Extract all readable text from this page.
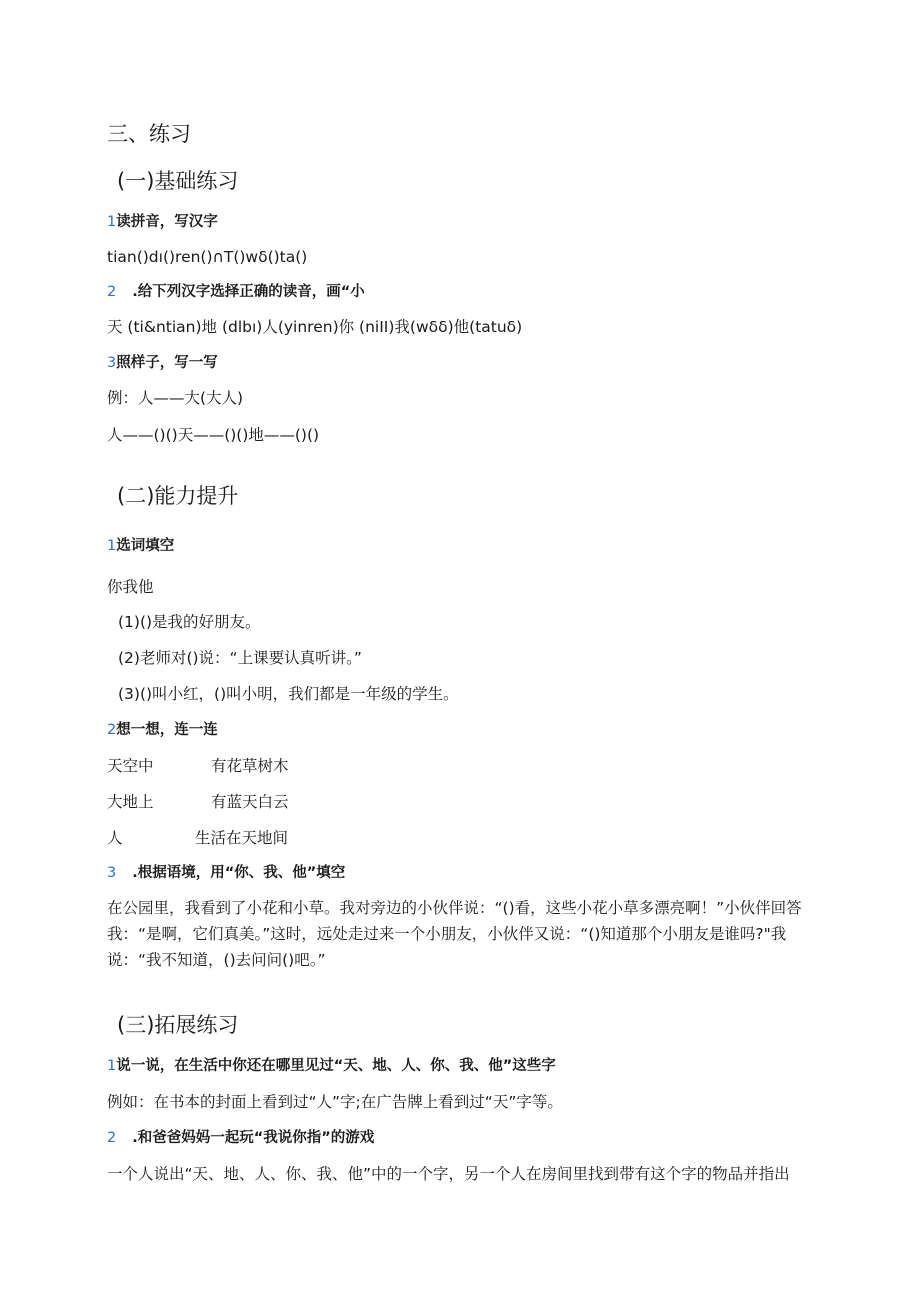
三、练习
(一)基础练习
1读拼音，写汉字
tian()dı()ren()∩T()wδ()ta()
2 .给下列汉字选择正确的读音，画“小
天 (ti&ntian)地 (dlbı)人(yinren)你 (niII)我(wδδ)他(tatuδ)
3照样子，写一写
例：人——大(大人)
人——()()天——()()地——()()
(二)能力提升
1选词填空
你我他
(1)()是我的好朋友。
(2)老师对()说：“上课要认真听讲。”
(3)()叫小红，()叫小明，我们都是一年级的学生。
2想一想，连一连
天空中	有花草树木
大地上	有蓝天白云
人	生活在天地间
3 .根据语境，用“你、我、他”填空
在公园里，我看到了小花和小草。我对旁边的小伙伴说：“()看，这些小花小草多漂亮啊！”小伙伴回答我：“是啊，它们真美。”这时，远处走过来一个小朋友，小伙伴又说：“()知道那个小朋友是谁吗?"我说：“我不知道，()去问问()吧。”
(三)拓展练习
1说一说，在生活中你还在哪里见过“天、地、人、你、我、他”这些字
例如：在书本的封面上看到过“人”字;在广告牌上看到过“天”字等。
2 .和爸爸妈妈一起玩“我说你指”的游戏
一个人说出“天、地、人、你、我、他”中的一个字，另一个人在房间里找到带有这个字的物品并指出
